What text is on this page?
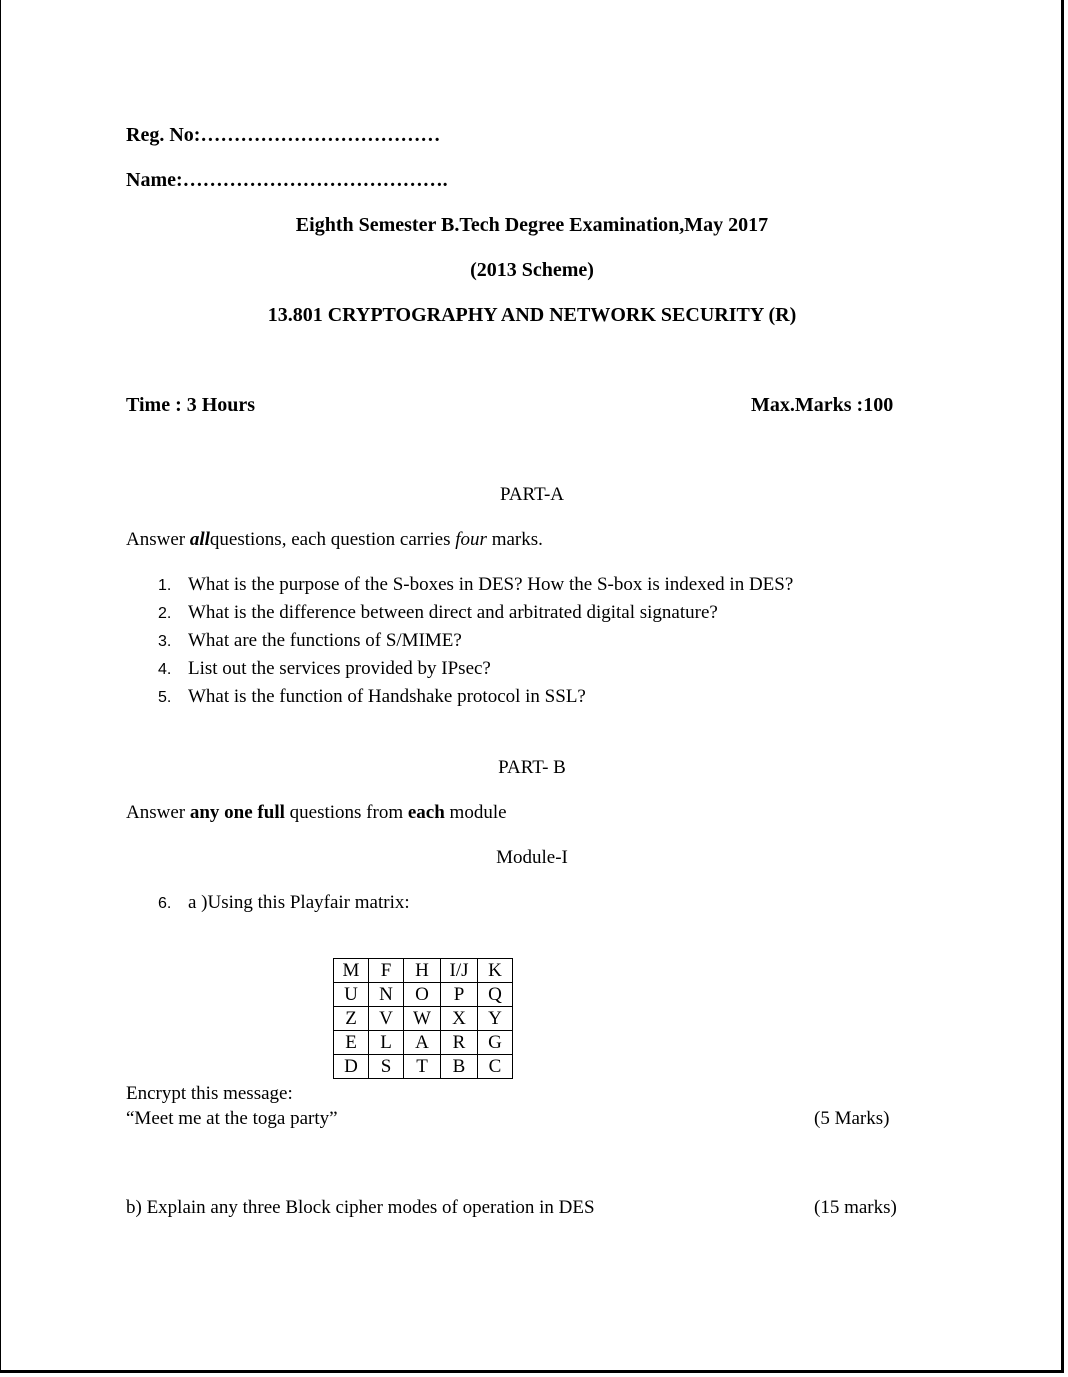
Reg. No:………………………………
Name:………………………………….
Eighth Semester B.Tech Degree Examination,May 2017
(2013 Scheme)
13.801 CRYPTOGRAPHY AND NETWORK SECURITY (R)
Time : 3 Hours	Max.Marks :100
PART-A
Answer allquestions, each question carries four marks.
1. What is the purpose of the S-boxes in DES? How the S-box is indexed in DES?
2. What is the difference between direct and arbitrated digital signature?
3. What are the functions of S/MIME?
4. List out the services provided by IPsec?
5. What is the function of Handshake protocol in SSL?
PART- B
Answer any one full questions from each module
Module-I
6. a )Using this Playfair matrix:
M	F	H	I/J	K
U	N	O	P	Q
Z	V	W	X	Y
E	L	A	R	G
D	S	T	B	C
Encrypt this message:
“Meet me at the toga party”	(5 Marks)
b) Explain any three Block cipher modes of operation in DES	(15 marks)
